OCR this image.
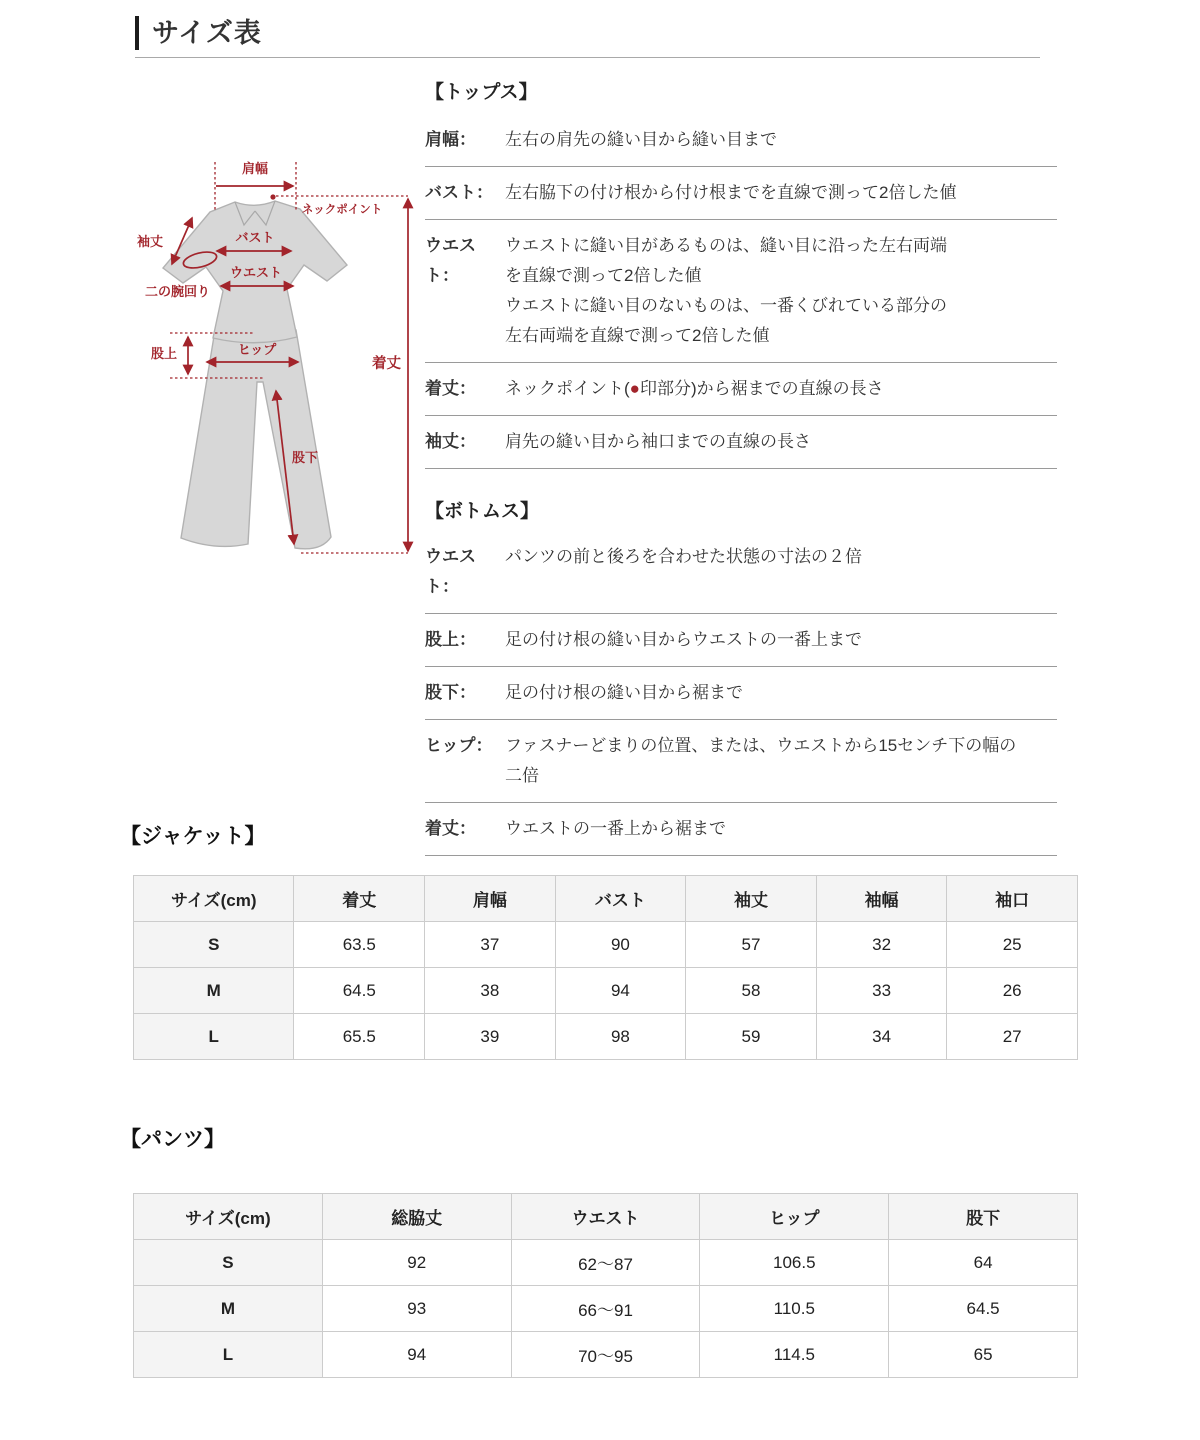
サイズ表
肩幅
ネックポイント
着丈
袖丈
二の腕回り
バスト
ウエスト
股上	ヒップ
股下
【トップス】
肩幅：	左右の肩先の縫い目から縫い目まで
バスト： 左右脇下の付け根から付け根までを直線で測って2倍した値
ウエスト：
ウエストに縫い目があるものは、縫い目に沿った左右両端
を直線で測って2倍した値
ウエストに縫い目のないものは、一番くびれている部分の
左右両端を直線で測って2倍した値
着丈：	ネックポイント(●印部分)から裾までの直線の長さ
袖丈：	肩先の縫い目から袖口までの直線の長さ
【ボトムス】
ウエスト：
パンツの前と後ろを合わせた状態の寸法の２倍
股上：	足の付け根の縫い目からウエストの一番上まで
股下：	足の付け根の縫い目から裾まで
ヒップ： ファスナーどまりの位置、または、ウエストから15センチ下の幅の
二倍
着丈：	ウエストの一番上から裾まで
【ジャケット】
サイズ(cm)	着丈	肩幅	バスト	袖丈	袖幅	袖口
S	63.5	37	90	57	32	25
M	64.5	38	94	58	33	26
L	65.5	39	98	59	34	27
【パンツ】
サイズ(cm)	総脇丈	ウエスト	ヒップ	股下
S	92	62〜87	106.5	64
M	93	66〜91	110.5	64.5
L	94	70〜95	114.5	65
